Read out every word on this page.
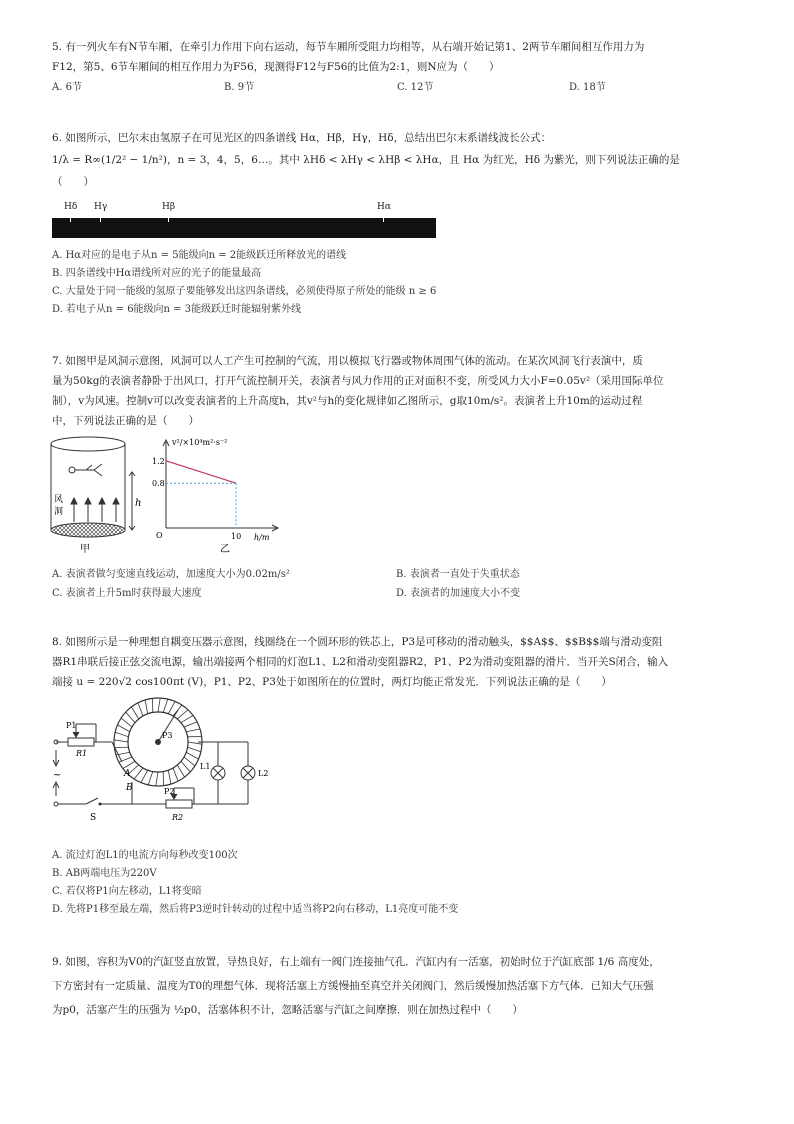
5. 有一列火车有N节车厢，在牵引力作用下向右运动，每节车厢所受阻力均相等，从右端开始记第1、2两节车厢间相互作用力为
F12，第5、6节车厢间的相互作用力为F56，现测得F12与F56的比值为2:1，则N应为（　　）
A. 6节	B. 9节	C. 12节	D. 18节
6. 如图所示，巴尔末由氢原子在可见光区的四条谱线 Hα，Hβ，Hγ，Hδ，总结出巴尔末系谱线波长公式：
1/λ = R∞(1/2² − 1/n²)，n = 3，4，5，6…。其中 λHδ < λHγ < λHβ < λHα，且 Hα 为红光，Hδ 为紫光，则下列说法正确的是
（　　）
Hδ Hγ	Hβ	Hα
A. Hα对应的是电子从n = 5能级向n = 2能级跃迁所释放光的谱线
B. 四条谱线中Hα谱线所对应的光子的能量最高
C. 大量处于同一能级的氢原子要能够发出这四条谱线，必须使得原子所处的能级 n ≥ 6
D. 若电子从n = 6能级向n = 3能级跃迁时能辐射紫外线
7. 如图甲是风洞示意图，风洞可以人工产生可控制的气流，用以模拟飞行器或物体周围气体的流动。在某次风洞飞行表演中，质
量为50kg的表演者静卧于出风口，打开气流控制开关，表演者与风力作用的正对面积不变，所受风力大小F=0.05v²（采用国际单位
制），v为风速。控制v可以改变表演者的上升高度h，其v²与h的变化规律如乙图所示，g取10m/s²。表演者上升10m的运动过程
中，下列说法正确的是（　　）
风
洞
h
甲
v²/×10⁴m²·s⁻²
h/m
O
1.2
0.8
10
乙
A. 表演者做匀变速直线运动，加速度大小为0.02m/s²	B. 表演者一直处于失重状态
C. 表演者上升5m时获得最大速度	D. 表演者的加速度大小不变
8. 如图所示是一种理想自耦变压器示意图，线圈绕在一个圆环形的铁芯上，P3是可移动的滑动触头，$$A$$、$$B$$端与滑动变阻
器R1串联后接正弦交流电源，输出端接两个相同的灯泡L1、L2和滑动变阻器R2，P1、P2为滑动变阻器的滑片．当开关S闭合，输入
端接 u = 220√2 cos100πt (V)，P1、P2、P3处于如图所在的位置时，两灯均能正常发光．下列说法正确的是（　　）
~
P1
R1
P3
A
B
S
P2
R2
L1
L2
A. 流过灯泡L1的电流方向每秒改变100次
B. AB两端电压为220V
C. 若仅将P1向左移动，L1将变暗
D. 先将P1移至最左端，然后将P3逆时针转动的过程中适当将P2向右移动，L1亮度可能不变
9. 如图，容积为V0的汽缸竖直放置，导热良好，右上端有一阀门连接抽气孔．汽缸内有一活塞，初始时位于汽缸底部 1/6 高度处，
下方密封有一定质量、温度为T0的理想气体．现将活塞上方缓慢抽至真空并关闭阀门，然后缓慢加热活塞下方气体．已知大气压强
为p0，活塞产生的压强为 ½p0，活塞体积不计，忽略活塞与汽缸之间摩擦．则在加热过程中（　　）
